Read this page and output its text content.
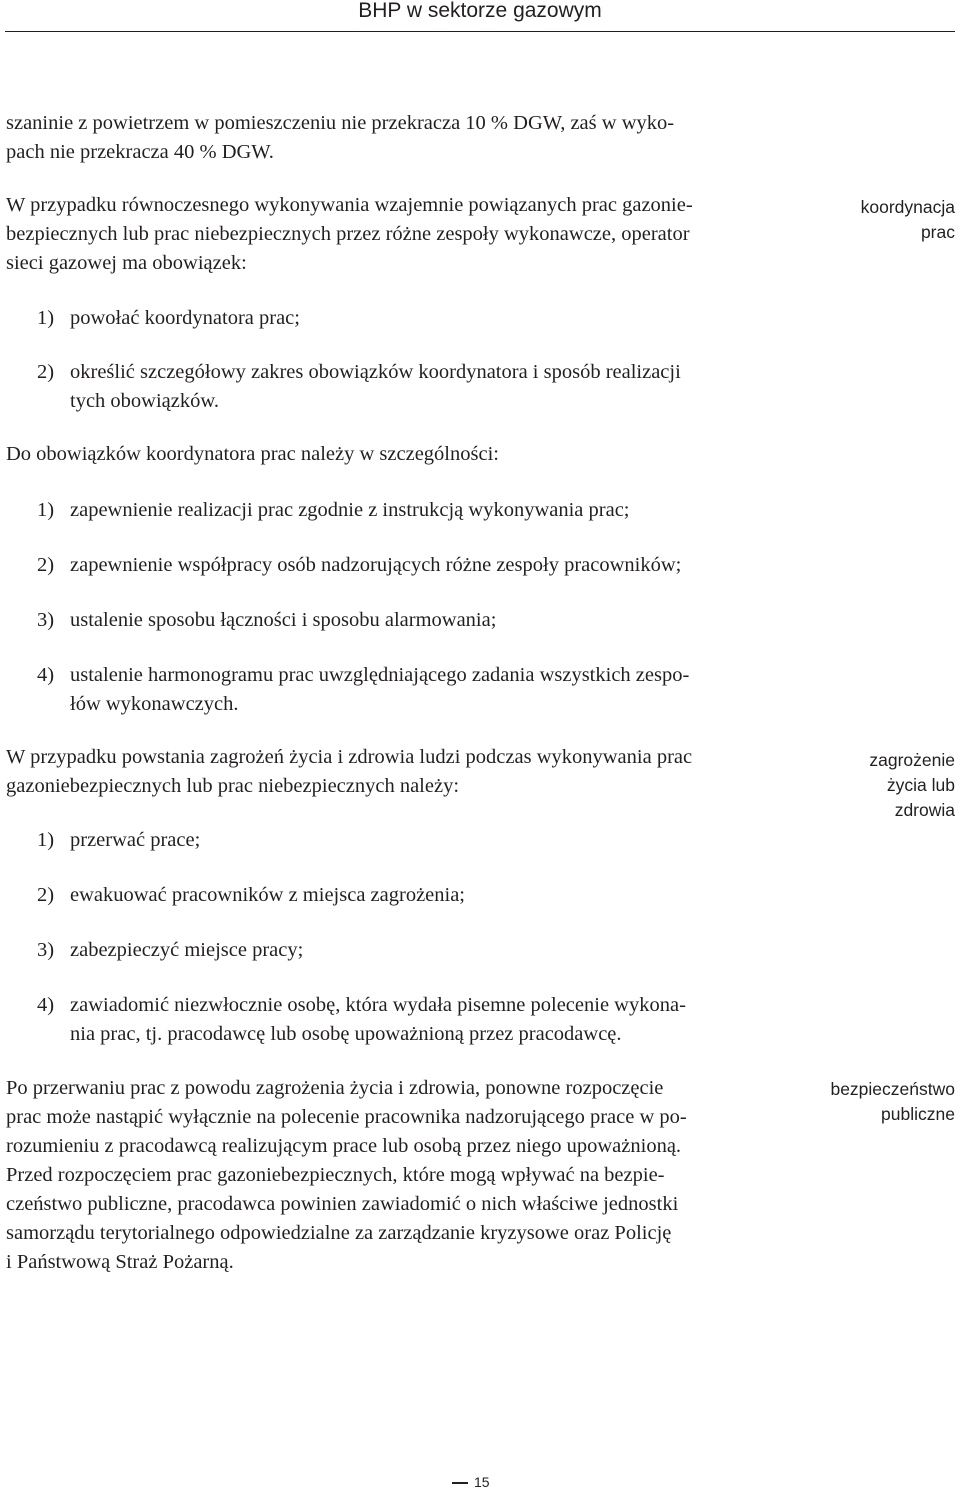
BHP w sektorze gazowym
szaninie z powietrzem w pomieszczeniu nie przekracza 10 % DGW, zaś w wyko-
pach nie przekracza 40 % DGW.
W przypadku równoczesnego wykonywania wzajemnie powiązanych prac gazonie-
bezpiecznych lub prac niebezpiecznych przez różne zespoły wykonawcze, operator
sieci gazowej ma obowiązek:
koordynacja
prac
1) powołać koordynatora prac;
2) określić szczegółowy zakres obowiązków koordynatora i sposób realizacji
tych obowiązków.
Do obowiązków koordynatora prac należy w szczególności:
1) zapewnienie realizacji prac zgodnie z instrukcją wykonywania prac;
2) zapewnienie współpracy osób nadzorujących różne zespoły pracowników;
3) ustalenie sposobu łączności i sposobu alarmowania;
4) ustalenie harmonogramu prac uwzględniającego zadania wszystkich zespo-
łów wykonawczych.
W przypadku powstania zagrożeń życia i zdrowia ludzi podczas wykonywania prac
gazoniebezpiecznych lub prac niebezpiecznych należy:
zagrożenie
życia lub
zdrowia
1) przerwać prace;
2) ewakuować pracowników z miejsca zagrożenia;
3) zabezpieczyć miejsce pracy;
4) zawiadomić niezwłocznie osobę, która wydała pisemne polecenie wykona-
nia prac, tj. pracodawcę lub osobę upoważnioną przez pracodawcę.
Po przerwaniu prac z powodu zagrożenia życia i zdrowia, ponowne rozpoczęcie
prac może nastąpić wyłącznie na polecenie pracownika nadzorującego prace w po-
rozumieniu z pracodawcą realizującym prace lub osobą przez niego upoważnioną.
Przed rozpoczęciem prac gazoniebezpiecznych, które mogą wpływać na bezpie-
czeństwo publiczne, pracodawca powinien zawiadomić o nich właściwe jednostki
samorządu terytorialnego odpowiedzialne za zarządzanie kryzysowe oraz Policję
i Państwową Straż Pożarną.
bezpieczeństwo
publiczne
15
